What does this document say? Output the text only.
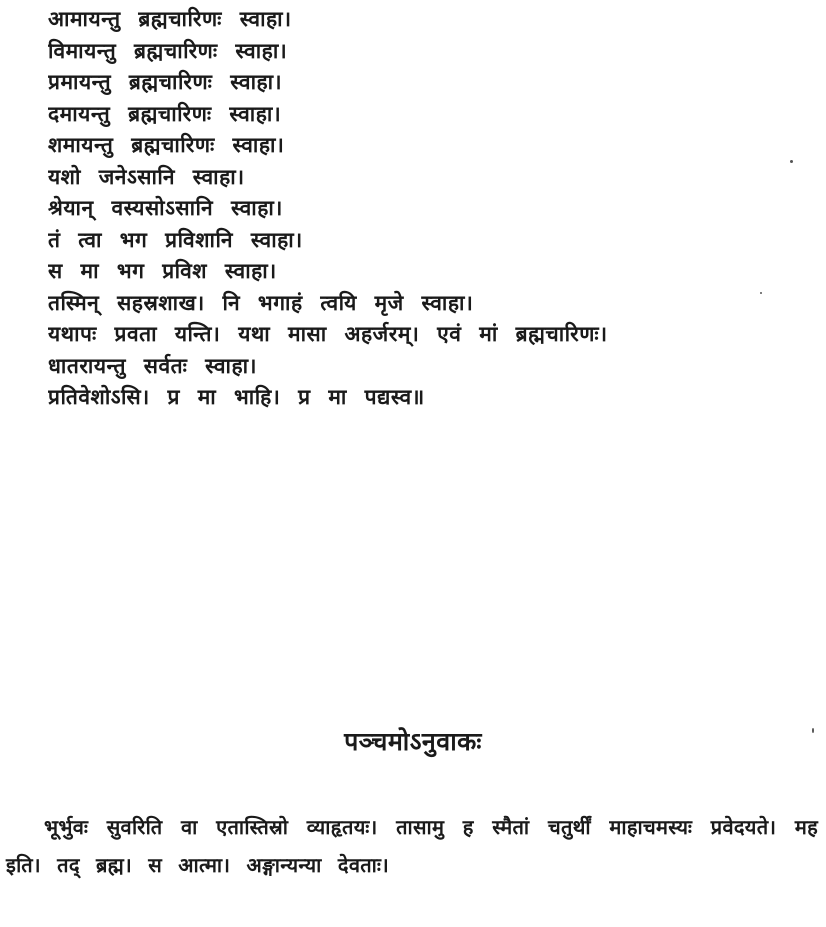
आमायन्तु ब्रह्मचारिणः स्वाहा।
विमायन्तु ब्रह्मचारिणः स्वाहा।
प्रमायन्तु ब्रह्मचारिणः स्वाहा।
दमायन्तु ब्रह्मचारिणः स्वाहा।
शमायन्तु ब्रह्मचारिणः स्वाहा।
यशो जनेऽसानि स्वाहा।
श्रेयान् वस्यसोऽसानि स्वाहा।
तं त्वा भग प्रविशानि स्वाहा।
स मा भग प्रविश स्वाहा।
तस्मिन् सहस्रशाख। नि भगाहं त्वयि मृजे स्वाहा।
यथापः प्रवता यन्ति। यथा मासा अहर्जरम्। एवं मां ब्रह्मचारिणः।
धातरायन्तु सर्वतः स्वाहा।
प्रतिवेशोऽसि। प्र मा भाहि। प्र मा पद्यस्व॥
पञ्चमोऽनुवाकः
भूर्भुवः सुवरिति वा एतास्तिस्रो व्याहृतयः। तासामु ह स्मैतां चतुर्थीं माहाचमस्यः प्रवेदयते। मह इति। तद् ब्रह्म। स आत्मा। अङ्गान्यन्या देवताः।
